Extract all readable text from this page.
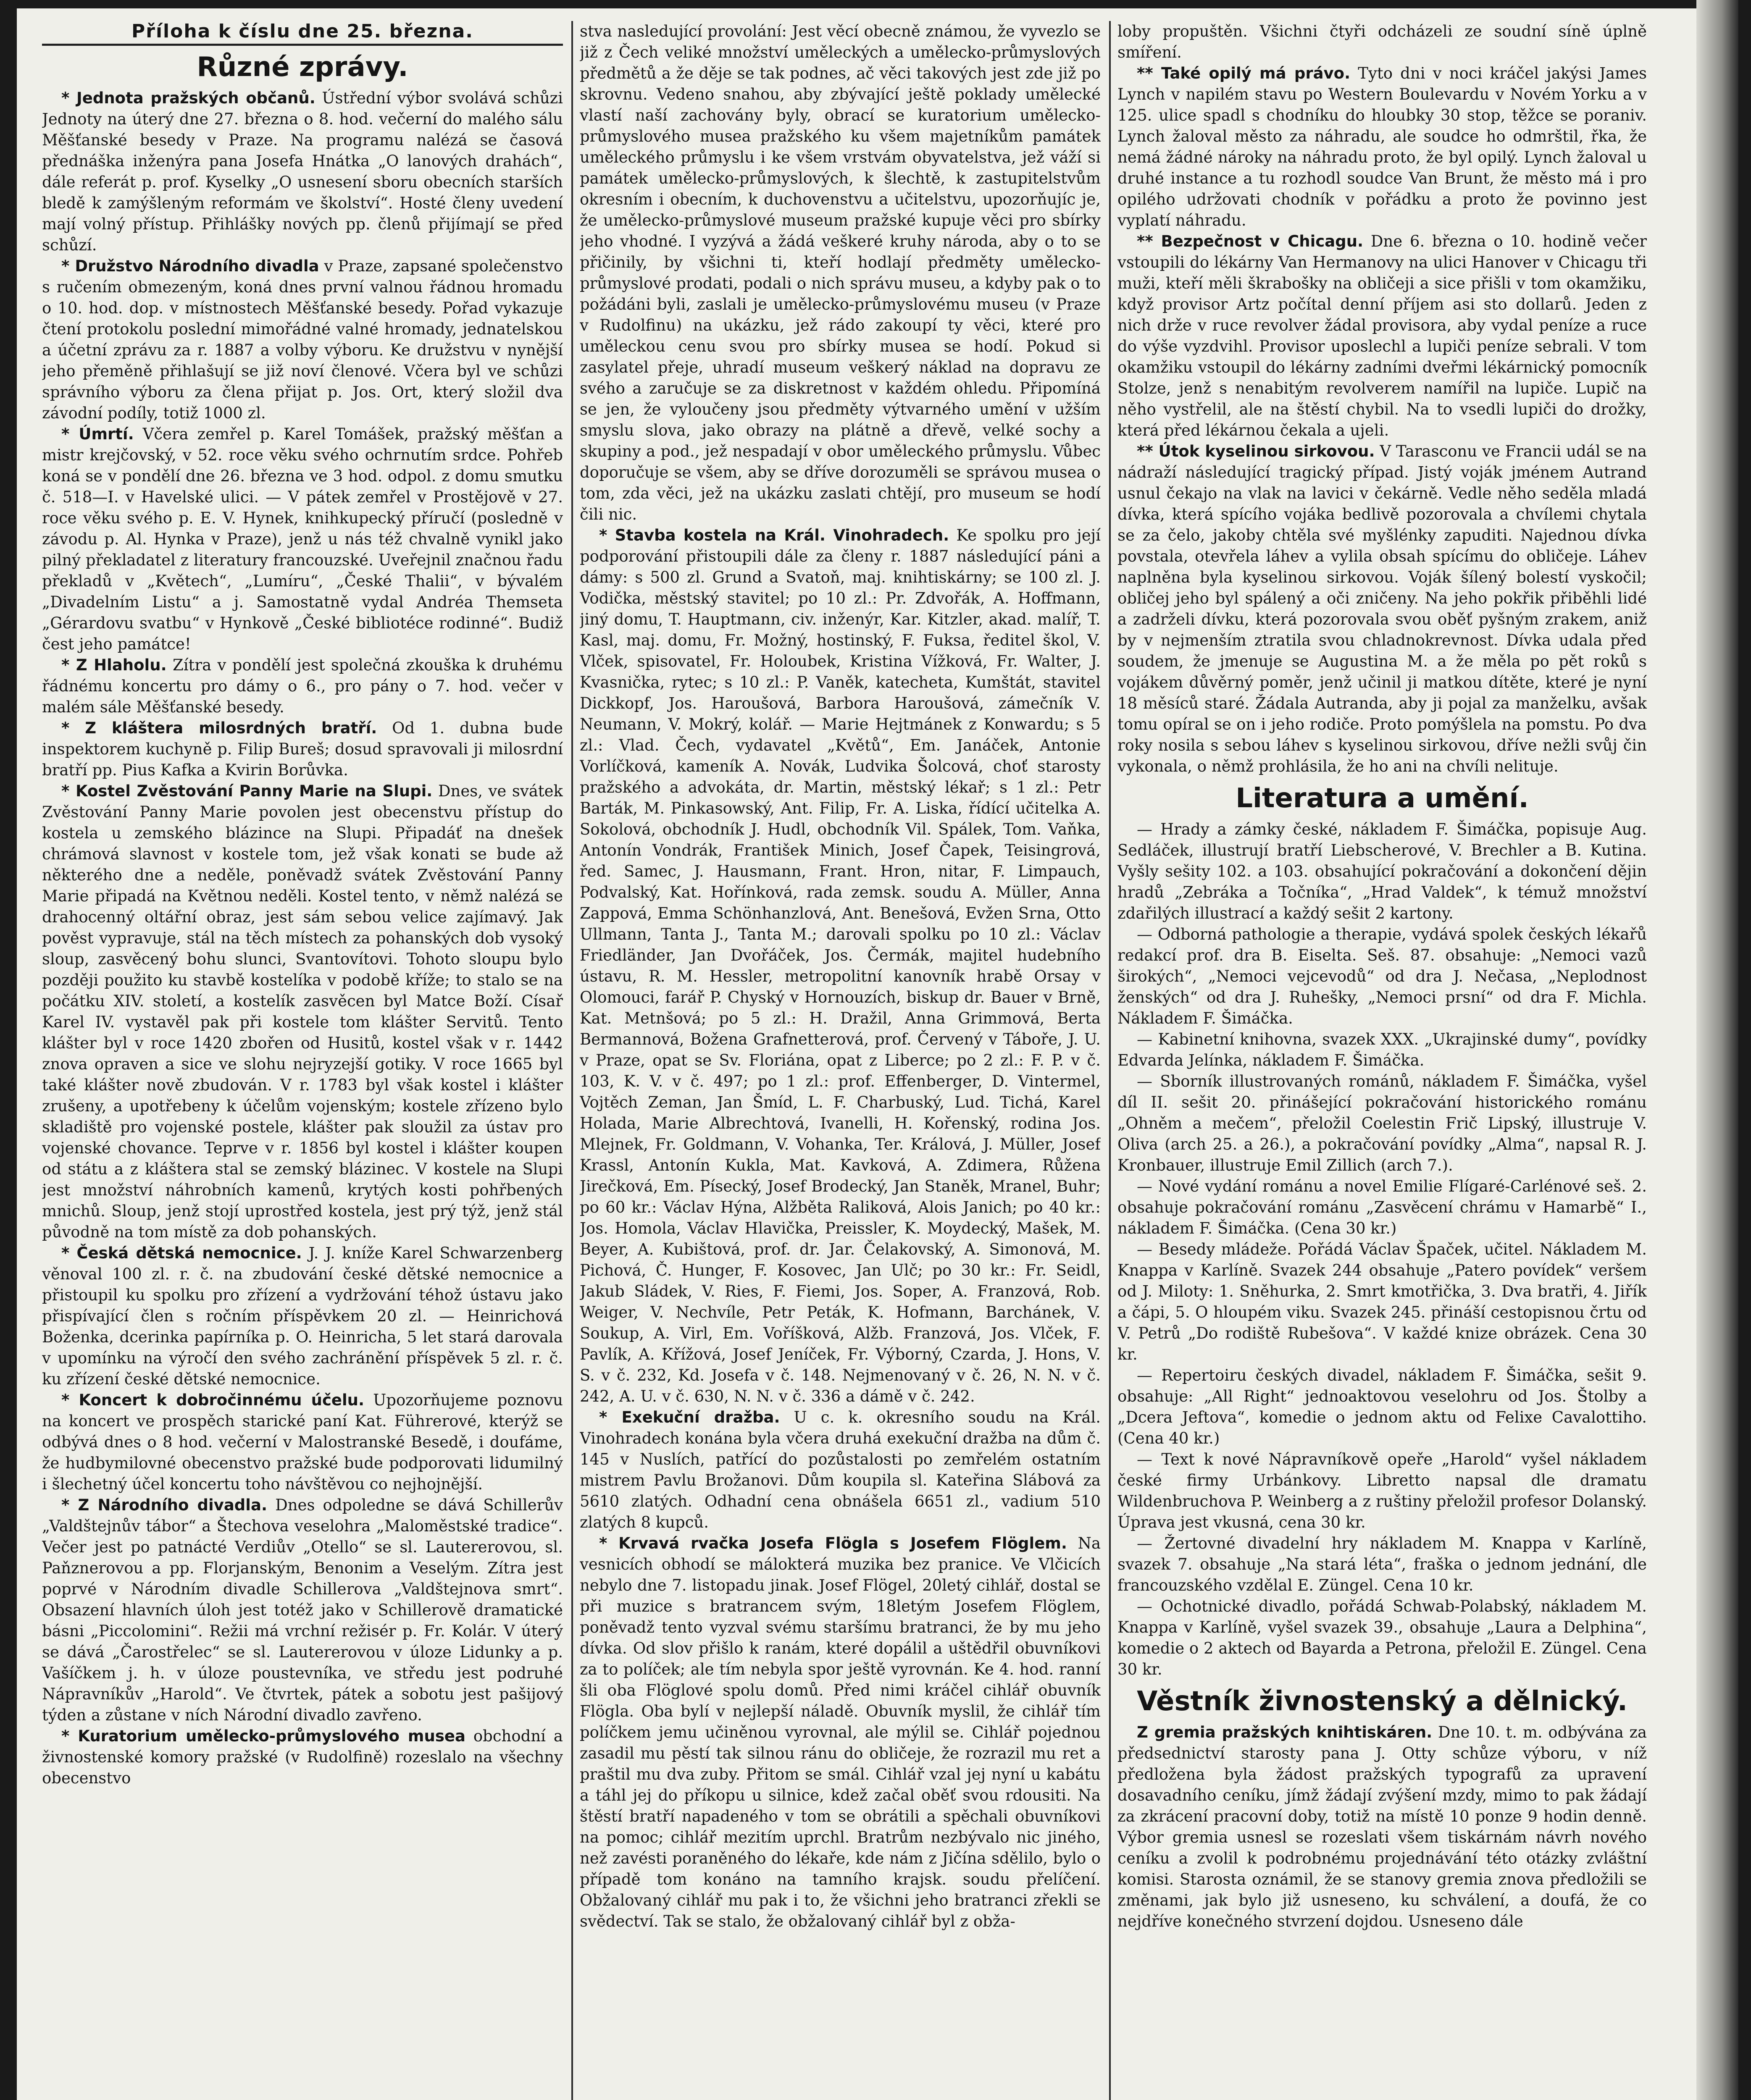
Příloha k číslu dne 25. března.
Různé zprávy.

* Jednota pražských občanů. Ústřední výbor svolává schůzi Jednoty na úterý dne 27. března o 8. hod. večerní do malého sálu Měšťanské besedy v Praze. Na programu nalézá se časová přednáška inženýra pana Josefa Hnátka „O lanových drahách“, dále referát p. prof. Kyselky „O usnesení sboru obecních starších bledě k zamýšleným reformám ve školství“. Hosté členy uvedení mají volný přístup. Přihlášky nových pp. členů přijímají se před schůzí.

* Družstvo Národního divadla v Praze, zapsané společenstvo s ručením obmezeným, koná dnes první valnou řádnou hromadu o 10. hod. dop. v místnostech Měšťanské besedy. Pořad vykazuje čtení protokolu poslední mimořádné valné hromady, jednatelskou a účetní zprávu za r. 1887 a volby výboru. Ke družstvu v nynější jeho přeměně přihlašují se již noví členové. Včera byl ve schůzi správního výboru za člena přijat p. Jos. Ort, který složil dva závodní podíly, totiž 1000 zl.

* Úmrtí. Včera zemřel p. Karel Tomášek, pražský měšťan a mistr krejčovský, v 52. roce věku svého ochrnutím srdce. Pohřeb koná se v pondělí dne 26. března ve 3 hod. odpol. z domu smutku č. 518—I. v Havelské ulici. — V pátek zemřel v Prostějově v 27. roce věku svého p. E. V. Hynek, knihkupecký příručí (posledně v závodu p. Al. Hynka v Praze), jenž u nás též chvalně vynikl jako pilný překladatel z literatury francouzské. Uveřejnil značnou řadu překladů v „Květech“, „Lumíru“, „České Thalii“, v bývalém „Divadelním Listu“ a j. Samostatně vydal Andréa Themseta „Gérardovu svatbu“ v Hynkově „České bibliotéce rodinné“. Budiž čest jeho památce!

* Z Hlaholu. Zítra v pondělí jest společná zkouška k druhému řádnému koncertu pro dámy o 6., pro pány o 7. hod. večer v malém sále Měšťanské besedy.

* Z kláštera milosrdných bratří. Od 1. dubna bude inspektorem kuchyně p. Filip Bureš; dosud spravovali ji milosrdní bratří pp. Pius Kafka a Kvirin Borůvka.

* Kostel Zvěstování Panny Marie na Slupi. Dnes, ve svátek Zvěstování Panny Marie povolen jest obecenstvu přístup do kostela u zemského blázince na Slupi. Připadáť na dnešek chrámová slavnost v kostele tom, jež však konati se bude až některého dne a neděle, poněvadž svátek Zvěstování Panny Marie připadá na Květnou neděli. Kostel tento, v němž nalézá se drahocenný oltářní obraz, jest sám sebou velice zajímavý. Jak pověst vypravuje, stál na těch místech za pohanských dob vysoký sloup, zasvěcený bohu slunci, Svantovítovi. Tohoto sloupu bylo později použito ku stavbě kostelíka v podobě kříže; to stalo se na počátku XIV. století, a kostelík zasvěcen byl Matce Boží. Císař Karel IV. vystavěl pak při kostele tom klášter Servitů. Tento klášter byl v roce 1420 zbořen od Husitů, kostel však v r. 1442 znova opraven a sice ve slohu nejryzejší gotiky. V roce 1665 byl také klášter nově zbudován. V r. 1783 byl však kostel i klášter zrušeny, a upotřebeny k účelům vojenským; kostele zřízeno bylo skladiště pro vojenské postele, klášter pak sloužil za ústav pro vojenské chovance. Teprve v r. 1856 byl kostel i klášter koupen od státu a z kláštera stal se zemský blázinec. V kostele na Slupi jest množství náhrobních kamenů, krytých kosti pohřbených mnichů. Sloup, jenž stojí uprostřed kostela, jest prý týž, jenž stál původně na tom místě za dob pohanských.

* Česká dětská nemocnice. J. J. kníže Karel Schwarzenberg věnoval 100 zl. r. č. na zbudování české dětské nemocnice a přistoupil ku spolku pro zřízení a vydržování téhož ústavu jako přispívající člen s ročním příspěvkem 20 zl. — Heinrichová Boženka, dcerinka papírníka p. O. Heinricha, 5 let stará darovala v upomínku na výročí den svého zachránění příspěvek 5 zl. r. č. ku zřízení české dětské nemocnice.

* Koncert k dobročinnému účelu. Upozorňujeme poznovu na koncert ve prospěch starické paní Kat. Führerové, kterýž se odbývá dnes o 8 hod. večerní v Malostranské Besedě, i doufáme, že hudbymilovné obecenstvo pražské bude podporovati lidumilný i šlechetný účel koncertu toho návštěvou co nejhojnější.

* Z Národního divadla. Dnes odpoledne se dává Schillerův „Valdštejnův tábor“ a Štechova veselohra „Maloměstské tradice“. Večer jest po patnácté Verdiův „Otello“ se sl. Lautererovou, sl. Paňznerovou a pp. Florjanským, Benonim a Veselým. Zítra jest poprvé v Národním divadle Schillerova „Valdštejnova smrt“. Obsazení hlavních úloh jest totéž jako v Schillerově dramatické básni „Piccolomini“. Režii má vrchní režisér p. Fr. Kolár. V úterý se dává „Čarostřelec“ se sl. Lautererovou v úloze Lidunky a p. Vašíčkem j. h. v úloze poustevníka, ve středu jest podruhé Nápravníkův „Harold“. Ve čtvrtek, pátek a sobotu jest pašijový týden a zůstane v ních Národní divadlo zavřeno.

* Kuratorium umělecko-průmyslového musea obchodní a živnostenské komory pražské (v Rudolfině) rozeslalo na všechny obecenstvo

stva nasledující provolání: Jest věcí obecně známou, že vyvezlo se již z Čech veliké množství uměleckých a umělecko-průmyslových předmětů a že děje se tak podnes, ač věci takových jest zde již po skrovnu. Vedeno snahou, aby zbývající ještě poklady umělecké vlastí naší zachovány byly, obrací se kuratorium umělecko-průmyslového musea pražského ku všem majetníkům památek uměleckého průmyslu i ke všem vrstvám obyvatelstva, jež váží si památek umělecko-průmyslových, k šlechtě, k zastupitelstvům okresním i obecním, k duchovenstvu a učitelstvu, upozorňujíc je, že umělecko-průmyslové museum pražské kupuje věci pro sbírky jeho vhodné. I vyzývá a žádá veškeré kruhy národa, aby o to se přičinily, by všichni ti, kteří hodlají předměty umělecko-průmyslové prodati, podali o nich správu museu, a kdyby pak o to požádáni byli, zaslali je umělecko-průmyslovému museu (v Praze v Rudolfinu) na ukázku, jež rádo zakoupí ty věci, které pro uměleckou cenu svou pro sbírky musea se hodí. Pokud si zasylatel přeje, uhradí museum veškerý náklad na dopravu ze svého a zaručuje se za diskretnost v každém ohledu. Připomíná se jen, že vyloučeny jsou předměty výtvarného umění v užším smyslu slova, jako obrazy na plátně a dřevě, velké sochy a skupiny a pod., jež nespadají v obor uměleckého průmyslu. Vůbec doporučuje se všem, aby se dříve dorozuměli se správou musea o tom, zda věci, jež na ukázku zaslati chtějí, pro museum se hodí čili nic.

* Stavba kostela na Král. Vinohradech. Ke spolku pro její podporování přistoupili dále za členy r. 1887 následující páni a dámy: s 500 zl. Grund a Svatoň, maj. knihtiskárny; se 100 zl. J. Vodička, městský stavitel; po 10 zl.: Pr. Zdvořák, A. Hoffmann, jiný domu, T. Hauptmann, civ. inženýr, Kar. Kitzler, akad. malíř, T. Kasl, maj. domu, Fr. Možný, hostinský, F. Fuksa, ředitel škol, V. Vlček, spisovatel, Fr. Holoubek, Kristina Vížková, Fr. Walter, J. Kvasnička, rytec; s 10 zl.: P. Vaněk, katecheta, Kumštát, stavitel Dickkopf, Jos. Haroušová, Barbora Haroušová, zámečník V. Neumann, V. Mokrý, kolář. — Marie Hejtmánek z Konwardu; s 5 zl.: Vlad. Čech, vydavatel „Květů“, Em. Janáček, Antonie Vorlíčková, kameník A. Novák, Ludvika Šolcová, choť starosty pražského a advokáta, dr. Martin, městský lékař; s 1 zl.: Petr Barták, M. Pinkasowský, Ant. Filip, Fr. A. Liska, řídící učitelka A. Sokolová, obchodník J. Hudl, obchodník Vil. Spálek, Tom. Vaňka, Antonín Vondrák, František Minich, Josef Čapek, Teisingrová, řed. Samec, J. Hausmann, Frant. Hron, nitar, F. Limpauch, Podvalský, Kat. Hořínková, rada zemsk. soudu A. Müller, Anna Zappová, Emma Schönhanzlová, Ant. Benešová, Evžen Srna, Otto Ullmann, Tanta J., Tanta M.; darovali spolku po 10 zl.: Václav Friedländer, Jan Dvořáček, Jos. Čermák, majitel hudebního ústavu, R. M. Hessler, metropolitní kanovník hrabě Orsay v Olomouci, farář P. Chyský v Hornouzích, biskup dr. Bauer v Brně, Kat. Metnšová; po 5 zl.: H. Dražil, Anna Grimmová, Berta Bermannová, Božena Grafnetterová, prof. Červený v Táboře, J. U. v Praze, opat se Sv. Floriána, opat z Liberce; po 2 zl.: F. P. v č. 103, K. V. v č. 497; po 1 zl.: prof. Effenberger, D. Vintermel, Vojtěch Zeman, Jan Šmíd, L. F. Charbuský, Lud. Tichá, Karel Holada, Marie Albrechtová, Ivanelli, H. Kořenský, rodina Jos. Mlejnek, Fr. Goldmann, V. Vohanka, Ter. Králová, J. Müller, Josef Krassl, Antonín Kukla, Mat. Kavková, A. Zdimera, Růžena Jirečková, Em. Písecký, Josef Brodecký, Jan Staněk, Mranel, Buhr; po 60 kr.: Václav Hýna, Alžběta Raliková, Alois Janich; po 40 kr.: Jos. Homola, Václav Hlavička, Preissler, K. Moydecký, Mašek, M. Beyer, A. Kubištová, prof. dr. Jar. Čelakovský, A. Simonová, M. Pichová, Č. Hunger, F. Kosovec, Jan Ulč; po 30 kr.: Fr. Seidl, Jakub Sládek, V. Ries, F. Fiemi, Jos. Soper, A. Franzová, Rob. Weiger, V. Nechvíle, Petr Peták, K. Hofmann, Barchánek, V. Soukup, A. Virl, Em. Voříšková, Alžb. Franzová, Jos. Vlček, F. Pavlík, A. Křížová, Josef Jeníček, Fr. Výborný, Czarda, J. Hons, V. S. v č. 232, Kd. Josefa v č. 148. Nejmenovaný v č. 26, N. N. v č. 242, A. U. v č. 630, N. N. v č. 336 a dámě v č. 242.

* Exekuční dražba. U c. k. okresního soudu na Král. Vinohradech konána byla včera druhá exekuční dražba na dům č. 145 v Nuslích, patřící do pozůstalosti po zemřelém ostatním mistrem Pavlu Brožanovi. Dům koupila sl. Kateřina Slábová za 5610 zlatých. Odhadní cena obnášela 6651 zl., vadium 510 zlatých 8 kupců.

* Krvavá rvačka Josefa Flögla s Josefem Flöglem. Na vesnicích obhodí se málokterá muzika bez pranice. Ve Vlčicích nebylo dne 7. listopadu jinak. Josef Flögel, 20letý cihlář, dostal se při muzice s bratrancem svým, 18letým Josefem Flöglem, poněvadž tento vyzval svému staršímu bratranci, že by mu jeho dívka. Od slov přišlo k ranám, které dopálil a uštědřil obuvníkovi za to políček; ale tím nebyla spor ještě vyrovnán. Ke 4. hod. ranní šli oba Flöglové spolu domů. Před nimi kráčel cihlář obuvník Flögla. Oba bylí v nejlepší náladě. Obuvník myslil, že cihlář tím políčkem jemu učiněnou vyrovnal, ale mýlil se. Cihlář pojednou zasadil mu pěstí tak silnou ránu do obličeje, že rozrazil mu ret a praštil mu dva zuby. Přitom se smál. Cihlář vzal jej nyní u kabátu a táhl jej do příkopu u silnice, kdež začal oběť svou rdousiti. Na štěstí bratří napadeného v tom se obrátili a spěchali obuvníkovi na pomoc; cihlář mezitím uprchl. Bratrům nezbývalo nic jiného, než zavésti poraněného do lékaře, kde nám z Jičína sdělilo, bylo o případě tom konáno na tamního krajsk. soudu přelíčení. Obžalovaný cihlář mu pak i to, že všichni jeho bratranci zřekli se svědectví. Tak se stalo, že obžalovaný cihlář byl z obža-

loby propuštěn. Všichni čtyři odcházeli ze soudní síně úplně smíření.

** Také opilý má právo. Tyto dni v noci kráčel jakýsi James Lynch v napilém stavu po Western Boulevardu v Novém Yorku a v 125. ulice spadl s chodníku do hloubky 30 stop, těžce se poraniv. Lynch žaloval město za náhradu, ale soudce ho odmrštil, řka, že nemá žádné nároky na náhradu proto, že byl opilý. Lynch žaloval u druhé instance a tu rozhodl soudce Van Brunt, že město má i pro opilého udržovati chodník v pořádku a proto že povinno jest vyplatí náhradu.

** Bezpečnost v Chicagu. Dne 6. března o 10. hodině večer vstoupili do lékárny Van Hermanovy na ulici Hanover v Chicagu tři muži, kteří měli škrabošky na obličeji a sice přišli v tom okamžiku, když provisor Artz počítal denní příjem asi sto dollarů. Jeden z nich drže v ruce revolver žádal provisora, aby vydal peníze a ruce do výše vyzdvihl. Provisor uposlechl a lupiči peníze sebrali. V tom okamžiku vstoupil do lékárny zadními dveřmi lékárnický pomocník Stolze, jenž s nenabitým revolverem namířil na lupiče. Lupič na něho vystřelil, ale na štěstí chybil. Na to vsedli lupiči do drožky, která před lékárnou čekala a ujeli.

** Útok kyselinou sirkovou. V Tarasconu ve Francii udál se na nádraží následující tragický případ. Jistý voják jménem Autrand usnul čekajo na vlak na lavici v čekárně. Vedle něho seděla mladá dívka, která spícího vojáka bedlivě pozorovala a chvílemi chytala se za čelo, jakoby chtěla své myšlénky zapuditi. Najednou dívka povstala, otevřela láhev a vylila obsah spícímu do obličeje. Láhev naplněna byla kyselinou sirkovou. Voják šílený bolestí vyskočil; obličej jeho byl spálený a oči zničeny. Na jeho pokřik přiběhli lidé a zadrželi dívku, která pozorovala svou oběť pyšným zrakem, aniž by v nejmenším ztratila svou chladnokrevnost. Dívka udala před soudem, že jmenuje se Augustina M. a že měla po pět roků s vojákem důvěrný poměr, jenž učinil ji matkou dítěte, které je nyní 18 měsíců staré. Žádala Autranda, aby ji pojal za manželku, avšak tomu opíral se on i jeho rodiče. Proto pomýšlela na pomstu. Po dva roky nosila s sebou láhev s kyselinou sirkovou, dříve nežli svůj čin vykonala, o němž prohlásila, že ho ani na chvíli nelituje.

Literatura a umění.

— Hrady a zámky české, nákladem F. Šimáčka, popisuje Aug. Sedláček, illustrují bratří Liebscherové, V. Brechler a B. Kutina. Vyšly sešity 102. a 103. obsahující pokračování a dokončení dějin hradů „Zebráka a Točníka“, „Hrad Valdek“, k témuž množství zdařilých illustrací a každý sešit 2 kartony.

— Odborná pathologie a therapie, vydává spolek českých lékařů redakcí prof. dra B. Eiselta. Seš. 87. obsahuje: „Nemoci vazů širokých“, „Nemoci vejcevodů“ od dra J. Nečasa, „Neplodnost ženských“ od dra J. Ruhešky, „Nemoci prsní“ od dra F. Michla. Nákladem F. Šimáčka.

— Kabinetní knihovna, svazek XXX. „Ukrajinské dumy“, povídky Edvarda Jelínka, nákladem F. Šimáčka.

— Sborník illustrovaných románů, nákladem F. Šimáčka, vyšel díl II. sešit 20. přinášející pokračování historického románu „Ohněm a mečem“, přeložil Coelestin Frič Lipský, illustruje V. Oliva (arch 25. a 26.), a pokračování povídky „Alma“, napsal R. J. Kronbauer, illustruje Emil Zillich (arch 7.).

— Nové vydání románu a novel Emilie Flígaré-Carlénové seš. 2. obsahuje pokračování románu „Zasvěcení chrámu v Hamarbě“ I., nákladem F. Šimáčka. (Cena 30 kr.)

— Besedy mládeže. Pořádá Václav Špaček, učitel. Nákladem M. Knappa v Karlíně. Svazek 244 obsahuje „Patero povídek“ veršem od J. Miloty: 1. Sněhurka, 2. Smrt kmotřička, 3. Dva bratři, 4. Jiřík a čápi, 5. O hloupém viku. Svazek 245. přináší cestopisnou črtu od V. Petrů „Do rodiště Rubešova“. V každé knize obrázek. Cena 30 kr.

— Repertoiru českých divadel, nákladem F. Šimáčka, sešit 9. obsahuje: „All Right“ jednoaktovou veselohru od Jos. Štolby a „Dcera Jeftova“, komedie o jednom aktu od Felixe Cavalottiho. (Cena 40 kr.)

— Text k nové Nápravníkově opeře „Harold“ vyšel nákladem české firmy Urbánkovy. Libretto napsal dle dramatu Wildenbruchova P. Weinberg a z ruštiny přeložil profesor Dolanský. Úprava jest vkusná, cena 30 kr.

— Žertovné divadelní hry nákladem M. Knappa v Karlíně, svazek 7. obsahuje „Na stará léta“, fraška o jednom jednání, dle francouzského vzdělal E. Züngel. Cena 10 kr.

— Ochotnické divadlo, pořádá Schwab-Polabský, nákladem M. Knappa v Karlíně, vyšel svazek 39., obsahuje „Laura a Delphina“, komedie o 2 aktech od Bayarda a Petrona, přeložil E. Züngel. Cena 30 kr.

Věstník živnostenský a dělnický.

Z gremia pražských knihtiskáren. Dne 10. t. m. odbývána za předsednictví starosty pana J. Otty schůze výboru, v níž předložena byla žádost pražských typografů za upravení dosavadního ceníku, jímž žádají zvýšení mzdy, mimo to pak žádají za zkrácení pracovní doby, totiž na místě 10 ponze 9 hodin denně. Výbor gremia usnesl se rozeslati všem tiskárnám návrh nového ceníku a zvolil k podrobnému projednávání této otázky zvláštní komisi. Starosta oznámil, že se stanovy gremia znova předložili se změnami, jak bylo již usneseno, ku schválení, a doufá, že co nejdříve konečného stvrzení dojdou. Usneseno dále
